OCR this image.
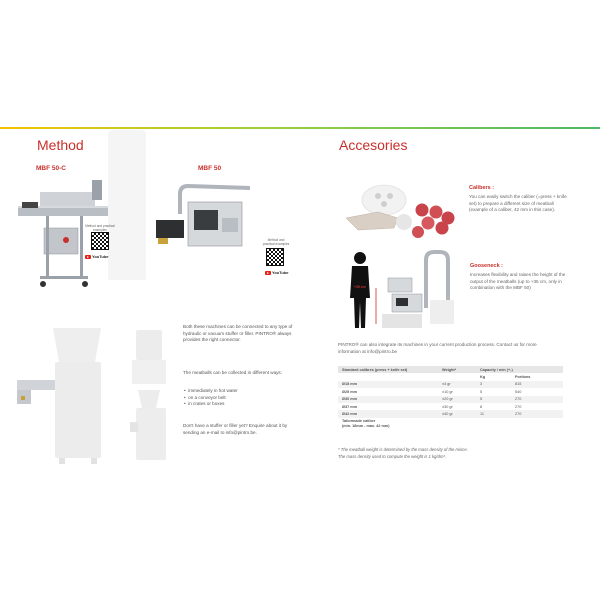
Method
MBF 50-C	MBF 50
Method and practical examples
YouTube
Method and practical examples
YouTube
Both these machines can be connected to any type of hydraulic or vacuum stuffer or filler. PINTRO® always provides the right connector.
The meatballs can be collected in different ways:
•  immediately in hot water
•  on a conveyor belt
•  in crates or boxes
Don't have a stuffer or filler yet? Enquire about it by sending an e-mail to info@pintro.be.
Accesories
Calibers :
You can easily switch the caliber (=press + knife set) to prepare a different size of meatball (example of a caliber, 42 mm in this case).
+35 cm
Gooseneck :
Increases flexibility and raises the height of the output of the meatballs (up to +35 cm, only in combination with the MBF 50)
PINTRO® can also integrate its machines in your current production process. Contact us for more information at info@pintro.be
Standard calibres (press + knife set)	Weight*	Capacity / min (+-)	
		Kg	Portions
Ø18 mm	±4 gr	3	815
Ø25 mm	±10 gr	5	540
Ø30 mm	±20 gr	5	270
Ø37 mm	±30 gr	8	270
Ø42 mm	±40 gr	11	270

Tailormade caliber
(min. 18mm - max. 42 mm)			

* The meatball weight is determined by the mass density of the mince.
The mass density used to compute the weight is 1 kg/dm³.
